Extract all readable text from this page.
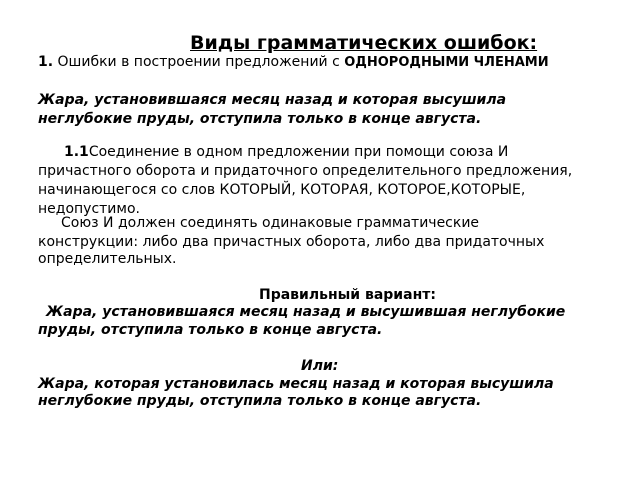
Виды грамматических ошибок:
1. Ошибки в построении предложений с ОДНОРОДНЫМИ ЧЛЕНАМИ
Жара, установившаяся месяц назад и которая высушила
неглубокие пруды, отступила только в конце августа.
1.1Соединение в одном предложении при помощи союза И
причастного оборота и придаточного определительного предложения,
начинающегося со слов КОТОРЫЙ, КОТОРАЯ, КОТОРОЕ,КОТОРЫЕ,
недопустимо.
Союз И должен соединять одинаковые грамматические
конструкции: либо два причастных оборота, либо два придаточных
определительных.
Правильный вариант:
Жара, установившаяся месяц назад и высушившая неглубокие
пруды, отступила только в конце августа.
Или:
Жара, которая установилась месяц назад и которая высушила
неглубокие пруды, отступила только в конце августа.
